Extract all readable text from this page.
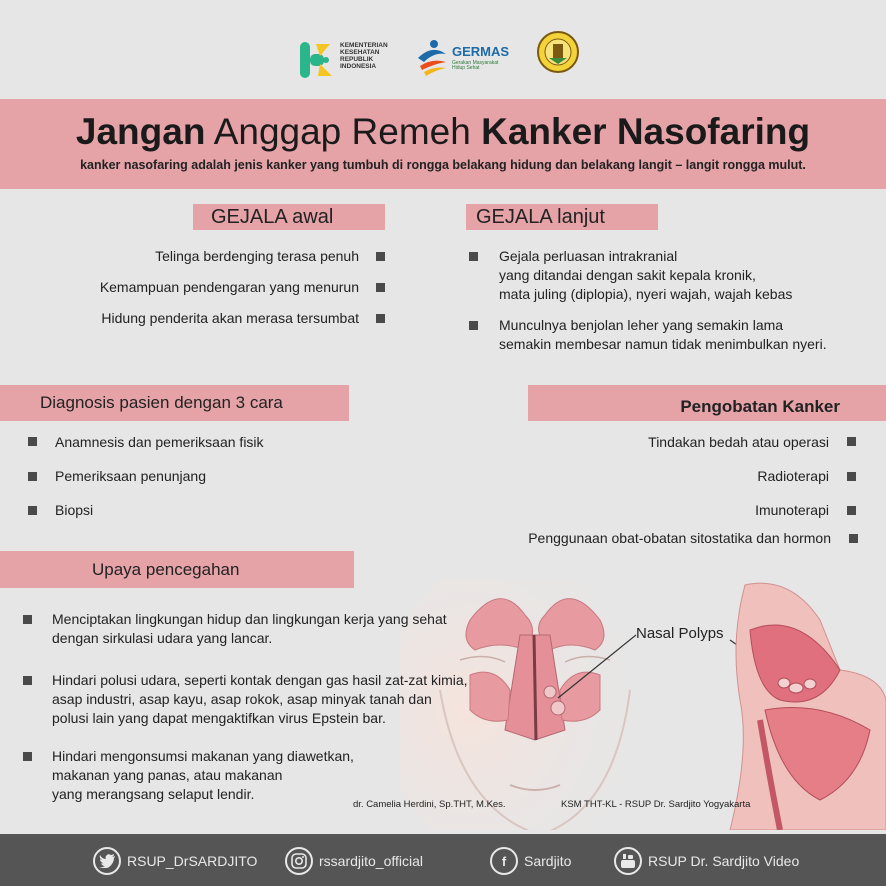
KEMENTERIAN
KESEHATAN
REPUBLIK
INDONESIA
GERMAS
Gerakan Masyarakat
Hidup Sehat
Jangan Anggap Remeh Kanker Nasofaring
kanker nasofaring adalah jenis kanker yang tumbuh di rongga belakang hidung dan belakang langit – langit rongga mulut.
GEJALA awal
Telinga berdenging terasa penuh
Kemampuan pendengaran yang menurun
Hidung penderita akan merasa tersumbat
GEJALA lanjut
Gejala perluasan intrakranial
yang ditandai dengan sakit kepala kronik,
mata juling (diplopia), nyeri wajah, wajah kebas
Munculnya benjolan leher yang semakin lama
semakin membesar namun tidak menimbulkan nyeri.
Diagnosis pasien dengan 3 cara
Anamnesis dan pemeriksaan fisik
Pemeriksaan penunjang
Biopsi
Pengobatan Kanker
Tindakan bedah atau operasi
Radioterapi
Imunoterapi
Penggunaan obat-obatan sitostatika dan hormon
Nasal Polyps
Upaya pencegahan
Menciptakan lingkungan hidup dan lingkungan kerja yang sehat
dengan sirkulasi udara yang lancar.
Hindari polusi udara, seperti kontak dengan gas hasil zat-zat kimia,
asap industri, asap kayu, asap rokok, asap minyak tanah dan
polusi lain yang dapat mengaktifkan virus Epstein bar.
Hindari mengonsumsi makanan yang diawetkan,
makanan yang panas, atau makanan
yang merangsang selaput lendir.
dr. Camelia Herdini, Sp.THT, M.Kes.	KSM THT-KL - RSUP Dr. Sardjito Yogyakarta
RSUP_DrSARDJITO	rssardjito_official	f	Sardjito	RSUP Dr. Sardjito Video
